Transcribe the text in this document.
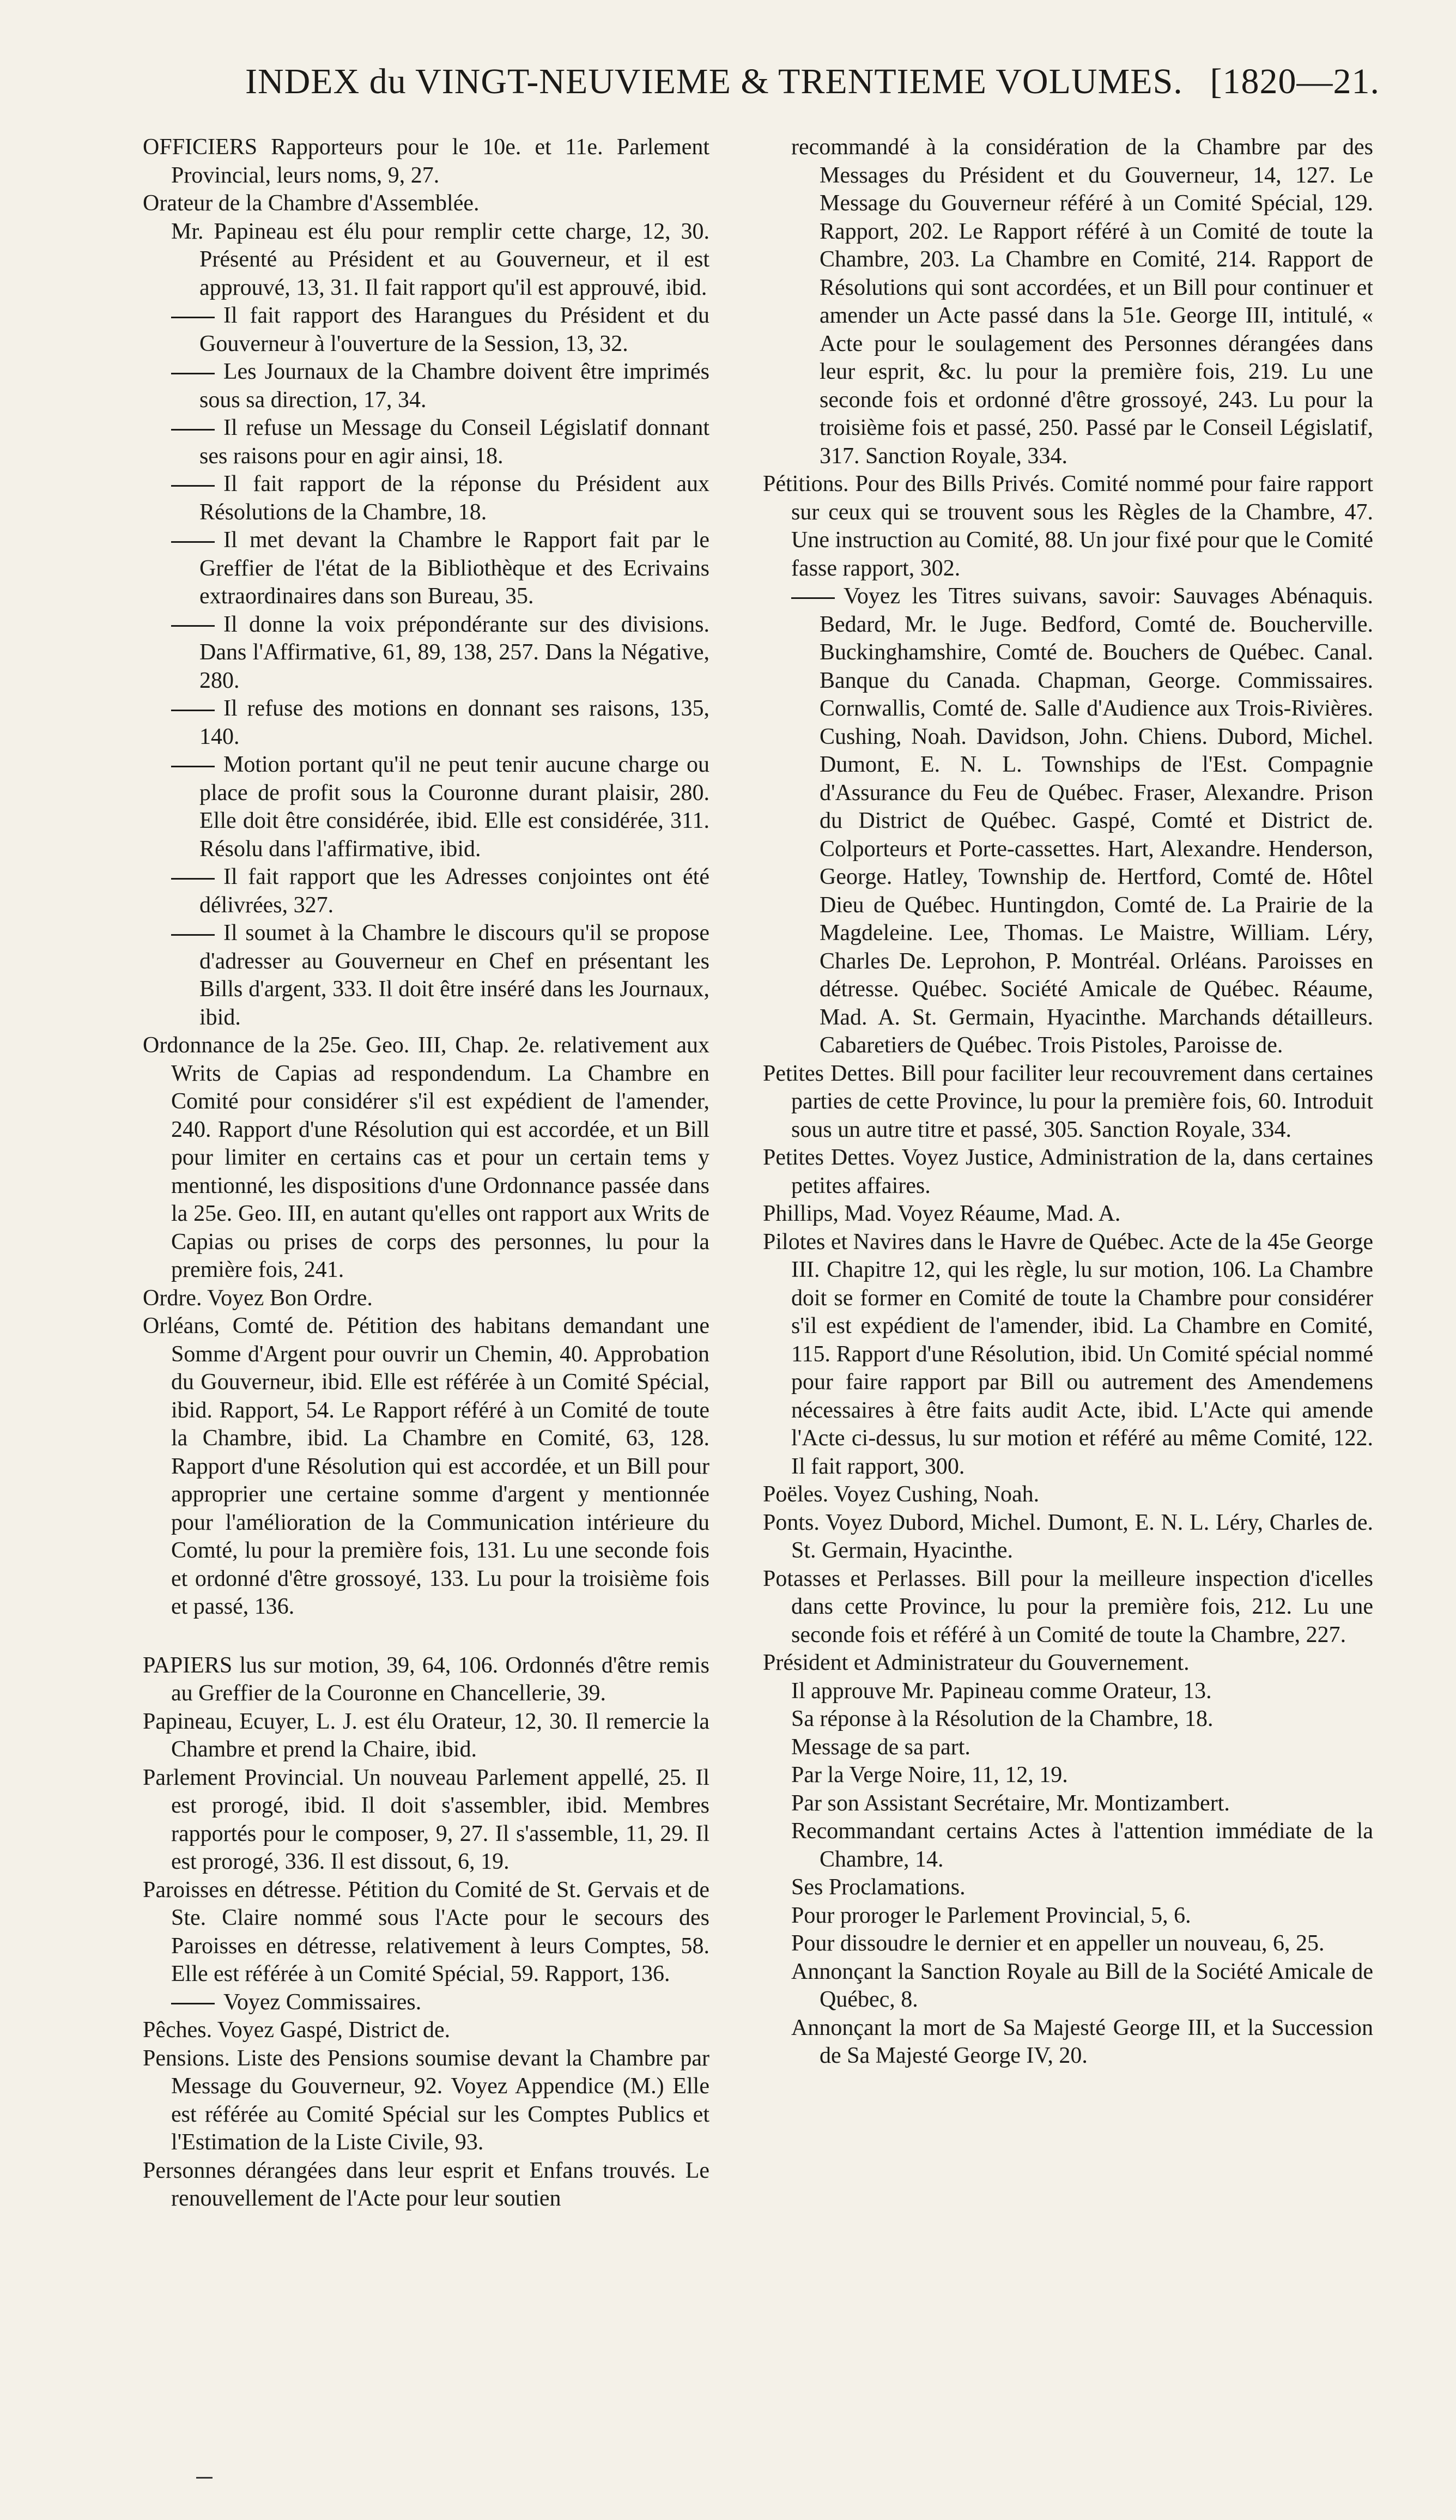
INDEX du VINGT-NEUVIEME & TRENTIEME VOLUMES. [1820—21.

OFFICIERS Rapporteurs pour le 10e. et 11e. Parlement Provincial, leurs noms, 9, 27.

Orateur de la Chambre d'Assemblée.

Mr. Papineau est élu pour remplir cette charge, 12, 30. Présenté au Président et au Gouverneur, et il est approuvé, 13, 31. Il fait rapport qu'il est approuvé, ibid.

Il fait rapport des Harangues du Président et du Gouverneur à l'ouverture de la Session, 13, 32.

Les Journaux de la Chambre doivent être imprimés sous sa direction, 17, 34.

Il refuse un Message du Conseil Législatif donnant ses raisons pour en agir ainsi, 18.

Il fait rapport de la réponse du Président aux Résolutions de la Chambre, 18.

Il met devant la Chambre le Rapport fait par le Greffier de l'état de la Bibliothèque et des Ecrivains extraordinaires dans son Bureau, 35.

Il donne la voix prépondérante sur des divisions. Dans l'Affirmative, 61, 89, 138, 257. Dans la Négative, 280.

Il refuse des motions en donnant ses raisons, 135, 140.

Motion portant qu'il ne peut tenir aucune charge ou place de profit sous la Couronne durant plaisir, 280. Elle doit être considérée, ibid. Elle est considérée, 311. Résolu dans l'affirmative, ibid.

Il fait rapport que les Adresses conjointes ont été délivrées, 327.

Il soumet à la Chambre le discours qu'il se propose d'adresser au Gouverneur en Chef en présentant les Bills d'argent, 333. Il doit être inséré dans les Journaux, ibid.

Ordonnance de la 25e. Geo. III, Chap. 2e. relativement aux Writs de Capias ad respondendum. La Chambre en Comité pour considérer s'il est expédient de l'amender, 240. Rapport d'une Résolution qui est accordée, et un Bill pour limiter en certains cas et pour un certain tems y mentionné, les dispositions d'une Ordonnance passée dans la 25e. Geo. III, en autant qu'elles ont rapport aux Writs de Capias ou prises de corps des personnes, lu pour la première fois, 241.

Ordre. Voyez Bon Ordre.

Orléans, Comté de. Pétition des habitans demandant une Somme d'Argent pour ouvrir un Chemin, 40. Approbation du Gouverneur, ibid. Elle est référée à un Comité Spécial, ibid. Rapport, 54. Le Rapport référé à un Comité de toute la Chambre, ibid. La Chambre en Comité, 63, 128. Rapport d'une Résolution qui est accordée, et un Bill pour approprier une certaine somme d'argent y mentionnée pour l'amélioration de la Communication intérieure du Comté, lu pour la première fois, 131. Lu une seconde fois et ordonné d'être grossoyé, 133. Lu pour la troisième fois et passé, 136.

PAPIERS lus sur motion, 39, 64, 106. Ordonnés d'être remis au Greffier de la Couronne en Chancellerie, 39.

Papineau, Ecuyer, L. J. est élu Orateur, 12, 30. Il remercie la Chambre et prend la Chaire, ibid.

Parlement Provincial. Un nouveau Parlement appellé, 25. Il est prorogé, ibid. Il doit s'assembler, ibid. Membres rapportés pour le composer, 9, 27. Il s'assemble, 11, 29. Il est prorogé, 336. Il est dissout, 6, 19.

Paroisses en détresse. Pétition du Comité de St. Gervais et de Ste. Claire nommé sous l'Acte pour le secours des Paroisses en détresse, relativement à leurs Comptes, 58. Elle est référée à un Comité Spécial, 59. Rapport, 136.

Voyez Commissaires.

Pêches. Voyez Gaspé, District de.

Pensions. Liste des Pensions soumise devant la Chambre par Message du Gouverneur, 92. Voyez Appendice (M.) Elle est référée au Comité Spécial sur les Comptes Publics et l'Estimation de la Liste Civile, 93.

Personnes dérangées dans leur esprit et Enfans trouvés. Le renouvellement de l'Acte pour leur soutien

recommandé à la considération de la Chambre par des Messages du Président et du Gouverneur, 14, 127. Le Message du Gouverneur référé à un Comité Spécial, 129. Rapport, 202. Le Rapport référé à un Comité de toute la Chambre, 203. La Chambre en Comité, 214. Rapport de Résolutions qui sont accordées, et un Bill pour continuer et amender un Acte passé dans la 51e. George III, intitulé, « Acte pour le soulagement des Personnes dérangées dans leur esprit, &c. lu pour la première fois, 219. Lu une seconde fois et ordonné d'être grossoyé, 243. Lu pour la troisième fois et passé, 250. Passé par le Conseil Législatif, 317. Sanction Royale, 334.

Pétitions. Pour des Bills Privés. Comité nommé pour faire rapport sur ceux qui se trouvent sous les Règles de la Chambre, 47. Une instruction au Comité, 88. Un jour fixé pour que le Comité fasse rapport, 302.

Voyez les Titres suivans, savoir: Sauvages Abénaquis. Bedard, Mr. le Juge. Bedford, Comté de. Boucherville. Buckinghamshire, Comté de. Bouchers de Québec. Canal. Banque du Canada. Chapman, George. Commissaires. Cornwallis, Comté de. Salle d'Audience aux Trois-Rivières. Cushing, Noah. Davidson, John. Chiens. Dubord, Michel. Dumont, E. N. L. Townships de l'Est. Compagnie d'Assurance du Feu de Québec. Fraser, Alexandre. Prison du District de Québec. Gaspé, Comté et District de. Colporteurs et Porte-cassettes. Hart, Alexandre. Henderson, George. Hatley, Township de. Hertford, Comté de. Hôtel Dieu de Québec. Huntingdon, Comté de. La Prairie de la Magdeleine. Lee, Thomas. Le Maistre, William. Léry, Charles De. Leprohon, P. Montréal. Orléans. Paroisses en détresse. Québec. Société Amicale de Québec. Réaume, Mad. A. St. Germain, Hyacinthe. Marchands détailleurs. Cabaretiers de Québec. Trois Pistoles, Paroisse de.

Petites Dettes. Bill pour faciliter leur recouvrement dans certaines parties de cette Province, lu pour la première fois, 60. Introduit sous un autre titre et passé, 305. Sanction Royale, 334.

Petites Dettes. Voyez Justice, Administration de la, dans certaines petites affaires.

Phillips, Mad. Voyez Réaume, Mad. A.

Pilotes et Navires dans le Havre de Québec. Acte de la 45e George III. Chapitre 12, qui les règle, lu sur motion, 106. La Chambre doit se former en Comité de toute la Chambre pour considérer s'il est expédient de l'amender, ibid. La Chambre en Comité, 115. Rapport d'une Résolution, ibid. Un Comité spécial nommé pour faire rapport par Bill ou autrement des Amendemens nécessaires à être faits audit Acte, ibid. L'Acte qui amende l'Acte ci-dessus, lu sur motion et référé au même Comité, 122. Il fait rapport, 300.

Poëles. Voyez Cushing, Noah.

Ponts. Voyez Dubord, Michel. Dumont, E. N. L. Léry, Charles de. St. Germain, Hyacinthe.

Potasses et Perlasses. Bill pour la meilleure inspection d'icelles dans cette Province, lu pour la première fois, 212. Lu une seconde fois et référé à un Comité de toute la Chambre, 227.

Président et Administrateur du Gouvernement.

Il approuve Mr. Papineau comme Orateur, 13.

Sa réponse à la Résolution de la Chambre, 18.

Message de sa part.

Par la Verge Noire, 11, 12, 19.

Par son Assistant Secrétaire, Mr. Montizambert.

Recommandant certains Actes à l'attention immédiate de la Chambre, 14.

Ses Proclamations.

Pour proroger le Parlement Provincial, 5, 6.

Pour dissoudre le dernier et en appeller un nouveau, 6, 25.

Annonçant la Sanction Royale au Bill de la Société Amicale de Québec, 8.

Annonçant la mort de Sa Majesté George III, et la Succession de Sa Majesté George IV, 20.
